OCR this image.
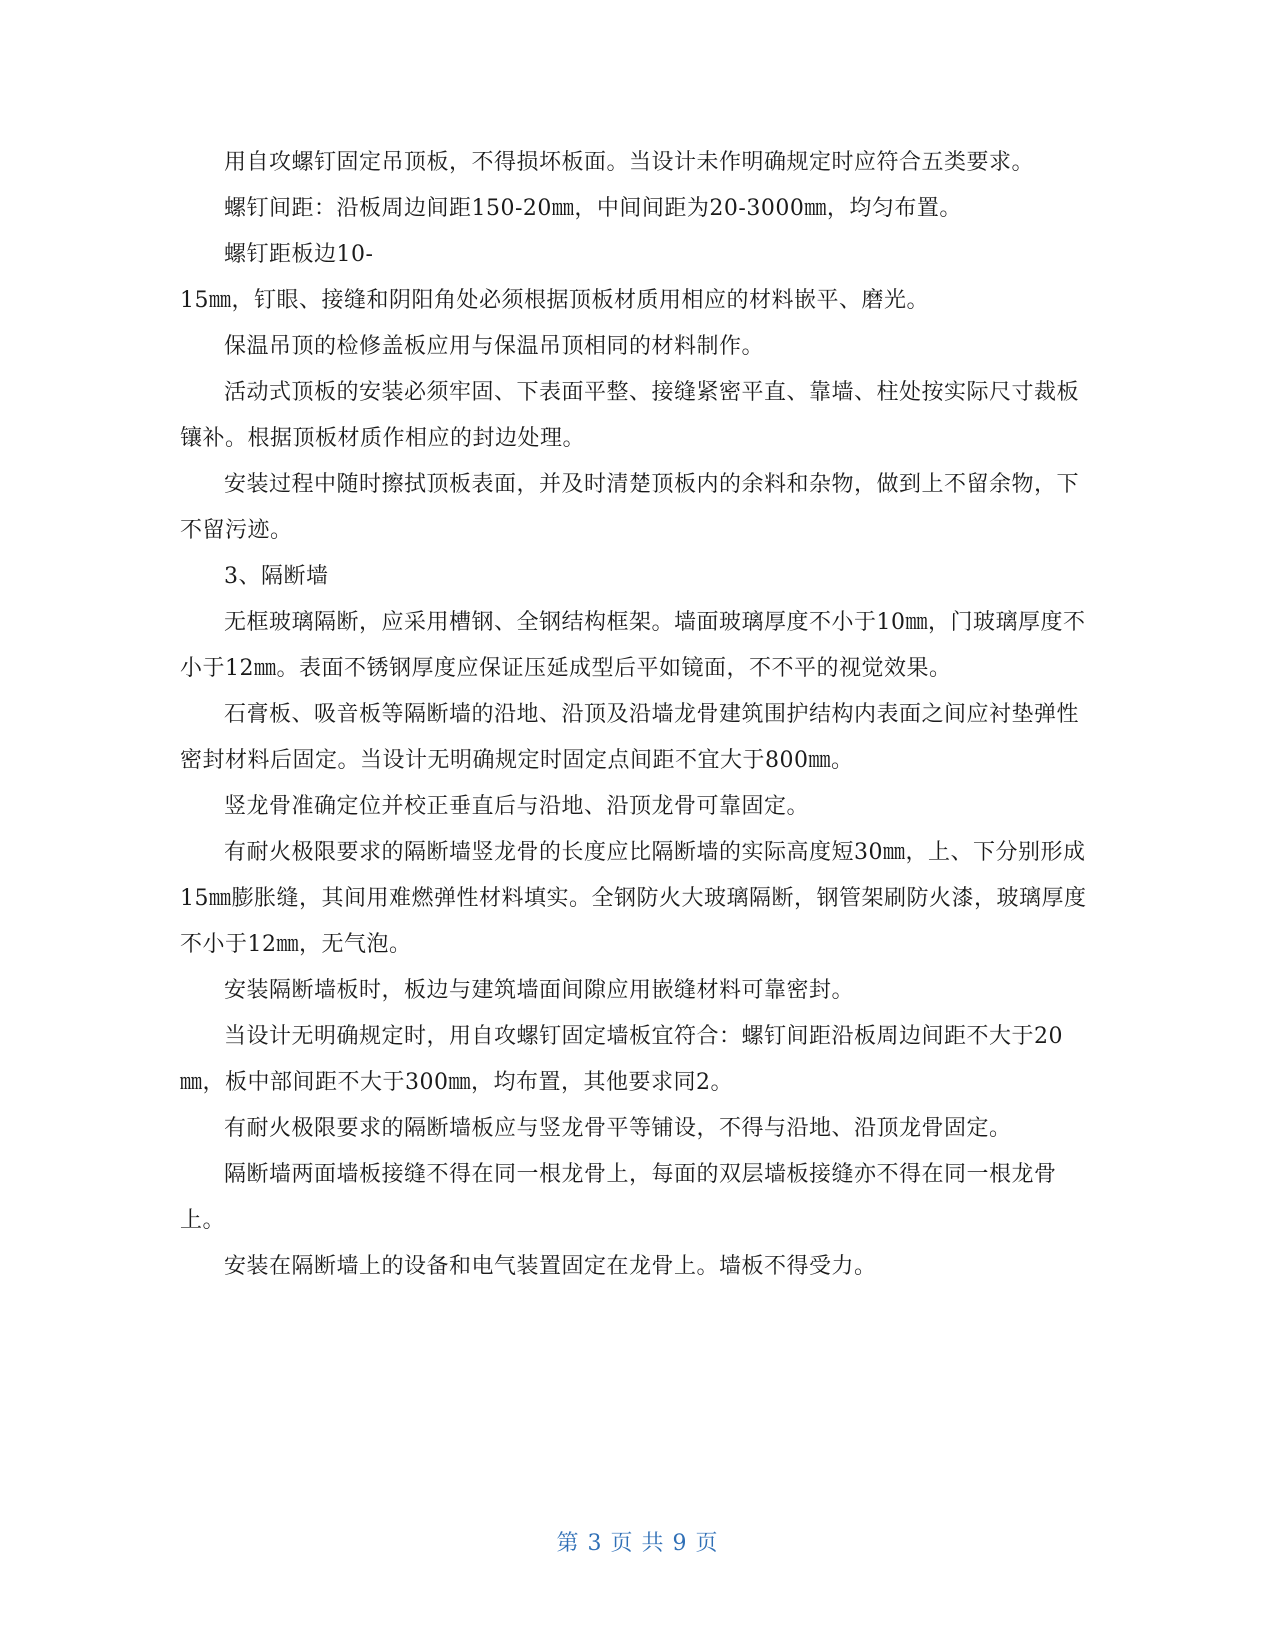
用自攻螺钉固定吊顶板，不得损坏板面。当设计未作明确规定时应符合五类要求。

螺钉间距：沿板周边间距150-20㎜，中间间距为20-3000㎜，均匀布置。

螺钉距板边10-

15㎜，钉眼、接缝和阴阳角处必须根据顶板材质用相应的材料嵌平、磨光。

保温吊顶的检修盖板应用与保温吊顶相同的材料制作。

活动式顶板的安装必须牢固、下表面平整、接缝紧密平直、靠墙、柱处按实际尺寸裁板镶补。根据顶板材质作相应的封边处理。

安装过程中随时擦拭顶板表面，并及时清楚顶板内的余料和杂物，做到上不留余物，下不留污迹。

3、隔断墙

无框玻璃隔断，应采用槽钢、全钢结构框架。墙面玻璃厚度不小于10㎜，门玻璃厚度不小于12㎜。表面不锈钢厚度应保证压延成型后平如镜面，不不平的视觉效果。

石膏板、吸音板等隔断墙的沿地、沿顶及沿墙龙骨建筑围护结构内表面之间应衬垫弹性密封材料后固定。当设计无明确规定时固定点间距不宜大于800㎜。

竖龙骨准确定位并校正垂直后与沿地、沿顶龙骨可靠固定。

有耐火极限要求的隔断墙竖龙骨的长度应比隔断墙的实际高度短30㎜，上、下分别形成15㎜膨胀缝，其间用难燃弹性材料填实。全钢防火大玻璃隔断，钢管架刷防火漆，玻璃厚度不小于12㎜，无气泡。

安装隔断墙板时，板边与建筑墙面间隙应用嵌缝材料可靠密封。

当设计无明确规定时，用自攻螺钉固定墙板宜符合：螺钉间距沿板周边间距不大于20㎜，板中部间距不大于300㎜，均布置，其他要求同2。

有耐火极限要求的隔断墙板应与竖龙骨平等铺设，不得与沿地、沿顶龙骨固定。

隔断墙两面墙板接缝不得在同一根龙骨上，每面的双层墙板接缝亦不得在同一根龙骨上。

安装在隔断墙上的设备和电气装置固定在龙骨上。墙板不得受力。

第 3 页 共 9 页
